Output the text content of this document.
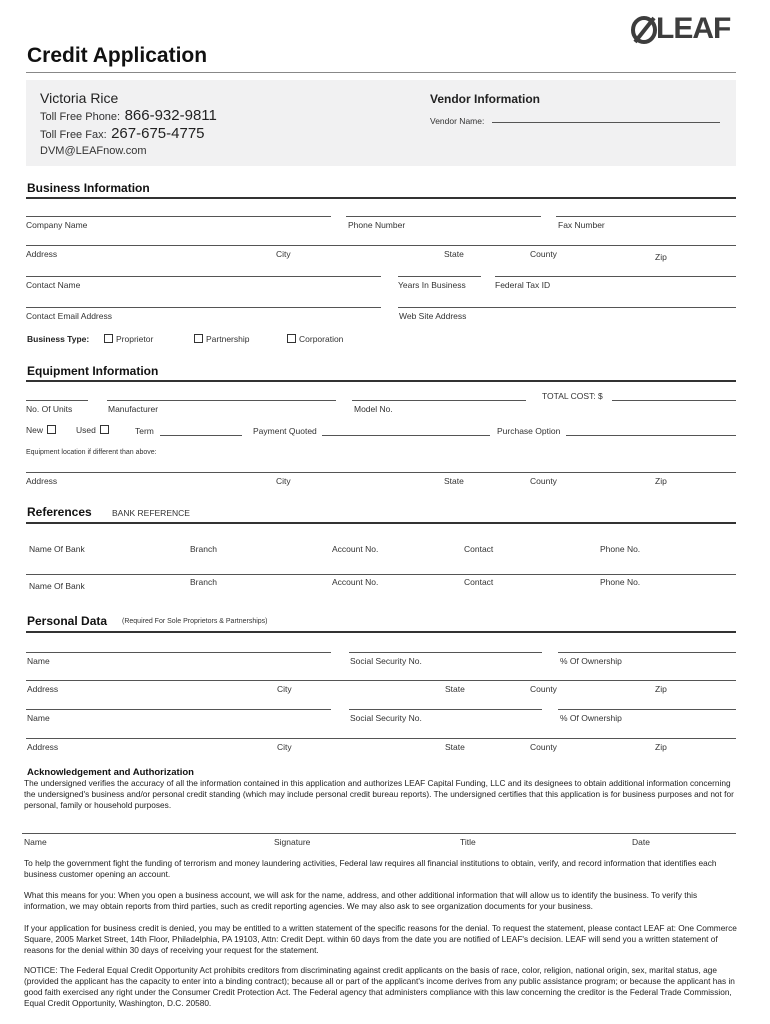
LEAF
Credit Application
Victoria Rice
Toll Free Phone: 866-932-9811
Toll Free Fax: 267-675-4775
DVM@LEAFnow.com
Vendor Information
Vendor Name:
Business Information
Company Name	Phone Number	Fax Number
Address	City	State	County	Zip
Contact Name	Years In Business	Federal Tax ID
Contact Email Address	Web Site Address
Business Type:	Proprietor	Partnership	Corporation
Equipment Information
TOTAL COST: $
No. Of Units	Manufacturer	Model No.
New	Used	Term	Payment Quoted	Purchase Option
Equipment location if different than above:
Address	City	State	County	Zip
References BANK REFERENCE
Name Of Bank	Branch	Account No.	Contact	Phone No.
Name Of Bank	Branch	Account No.	Contact	Phone No.
Personal Data (Required For Sole Proprietors & Partnerships)
Name	Social Security No.	% Of Ownership
Address	City	State	County	Zip
Name	Social Security No.	% Of Ownership
Address	City	State	County	Zip
Acknowledgement and Authorization
The undersigned verifies the accuracy of all the information contained in this application and authorizes LEAF Capital Funding, LLC and its designees to obtain additional information concerning the undersigned's business and/or personal credit standing (which may include personal credit bureau reports). The undersigned certifies that this application is for business purposes and not for personal, family or household purposes.
Name	Signature	Title	Date
To help the government fight the funding of terrorism and money laundering activities, Federal law requires all financial institutions to obtain, verify, and record information that identifies each business customer opening an account.
What this means for you: When you open a business account, we will ask for the name, address, and other additional information that will allow us to identify the business. To verify this information, we may obtain reports from third parties, such as credit reporting agencies. We may also ask to see organization documents for your business.
If your application for business credit is denied, you may be entitled to a written statement of the specific reasons for the denial. To request the statement, please contact LEAF at: One Commerce Square, 2005 Market Street, 14th Floor, Philadelphia, PA 19103, Attn: Credit Dept. within 60 days from the date you are notified of LEAF's decision. LEAF will send you a written statement of reasons for the denial within 30 days of receiving your request for the statement.
NOTICE: The Federal Equal Credit Opportunity Act prohibits creditors from discriminating against credit applicants on the basis of race, color, religion, national origin, sex, marital status, age (provided the applicant has the capacity to enter into a binding contract); because all or part of the applicant's income derives from any public assistance program; or because the applicant has in good faith exercised any right under the Consumer Credit Protection Act. The Federal agency that administers compliance with this law concerning the creditor is the Federal Trade Commission, Equal Credit Opportunity, Washington, D.C. 20580.
